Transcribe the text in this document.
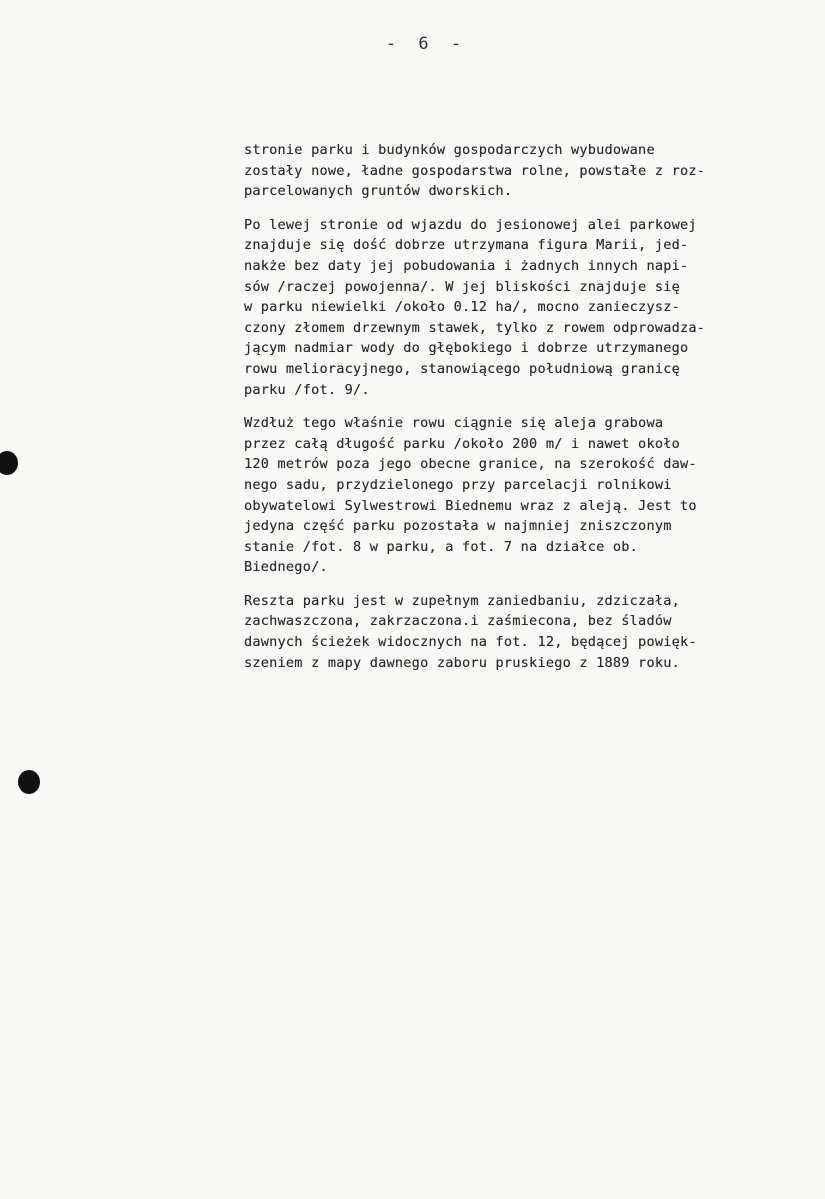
- 6 -
stronie parku i budynków gospodarczych wybudowane
zostały nowe, ładne gospodarstwa rolne, powstałe z roz-
parcelowanych gruntów dworskich.
Po lewej stronie od wjazdu do jesionowej alei parkowej
znajduje się dość dobrze utrzymana figura Marii, jed-
nakże bez daty jej pobudowania i żadnych innych napi-
sów /raczej powojenna/. W jej bliskości znajduje się
w parku niewielki /około 0.12 ha/, mocno zanieczysz-
czony złomem drzewnym stawek, tylko z rowem odprowadza-
jącym nadmiar wody do głębokiego i dobrze utrzymanego
rowu melioracyjnego, stanowiącego południową granicę
parku /fot. 9/.
Wzdłuż tego właśnie rowu ciągnie się aleja grabowa
przez całą długość parku /około 200 m/ i nawet około
120 metrów poza jego obecne granice, na szerokość daw-
nego sadu, przydzielonego przy parcelacji rolnikowi
obywatelowi Sylwestrowi Biednemu wraz z aleją. Jest to
jedyna część parku pozostała w najmniej zniszczonym
stanie /fot. 8 w parku, a fot. 7 na działce ob.
Biednego/.
Reszta parku jest w zupełnym zaniedbaniu, zdziczała,
zachwaszczona, zakrzaczona.i zaśmiecona, bez śladów
dawnych ścieżek widocznych na fot. 12, będącej powięk-
szeniem z mapy dawnego zaboru pruskiego z 1889 roku.
